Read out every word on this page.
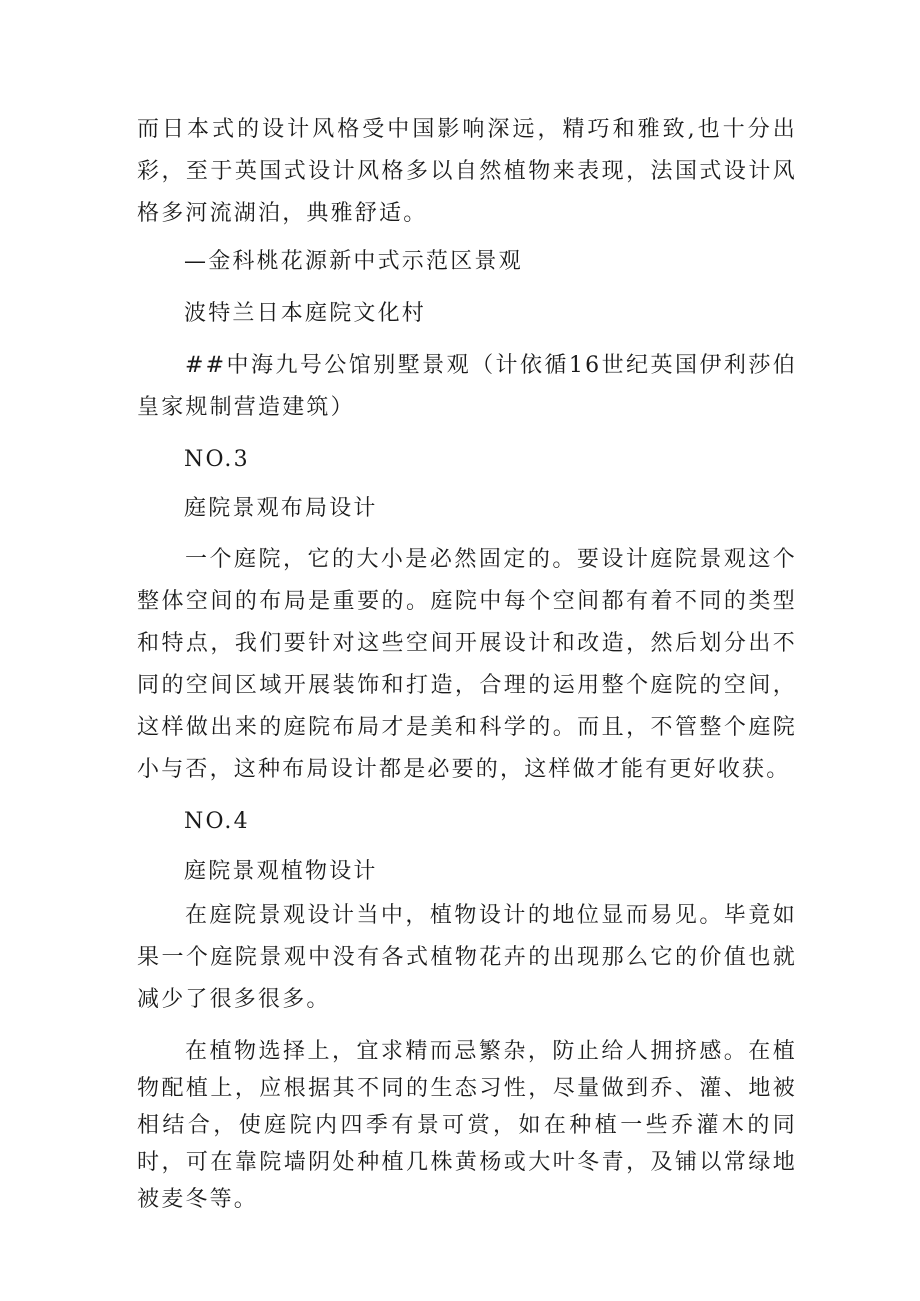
而日本式的设计风格受中国影响深远，精巧和雅致,也十分出彩，至于英国式设计风格多以自然植物来表现，法国式设计风格多河流湖泊，典雅舒适。

—金科桃花源新中式示范区景观

波特兰日本庭院文化村

##中海九号公馆别墅景观（计依循16世纪英国伊利莎伯皇家规制营造建筑）

NO.3

庭院景观布局设计

一个庭院，它的大小是必然固定的。要设计庭院景观这个整体空间的布局是重要的。庭院中每个空间都有着不同的类型和特点，我们要针对这些空间开展设计和改造，然后划分出不同的空间区域开展装饰和打造，合理的运用整个庭院的空间，这样做出来的庭院布局才是美和科学的。而且，不管整个庭院小与否，这种布局设计都是必要的，这样做才能有更好收获。

NO.4

庭院景观植物设计

在庭院景观设计当中，植物设计的地位显而易见。毕竟如果一个庭院景观中没有各式植物花卉的出现那么它的价值也就减少了很多很多。

在植物选择上，宜求精而忌繁杂，防止给人拥挤感。在植物配植上，应根据其不同的生态习性，尽量做到乔、灌、地被相结合，使庭院内四季有景可赏，如在种植一些乔灌木的同时，可在靠院墙阴处种植几株黄杨或大叶冬青，及铺以常绿地被麦冬等。
